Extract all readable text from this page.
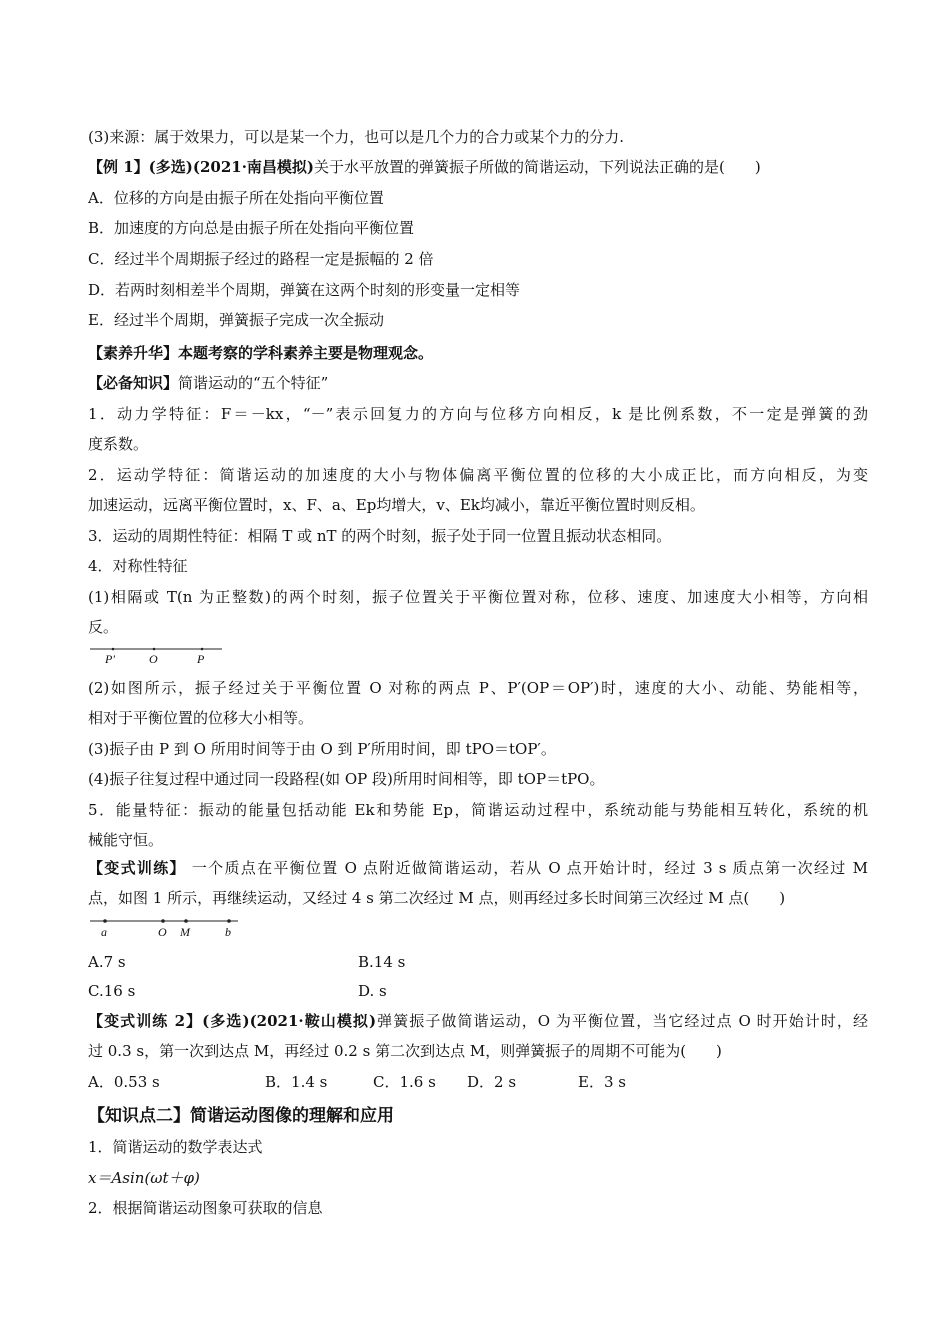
(3)来源：属于效果力，可以是某一个力，也可以是几个力的合力或某个力的分力.
【例 1】(多选)(2021·南昌模拟)关于水平放置的弹簧振子所做的简谐运动，下列说法正确的是(　　)
A．位移的方向是由振子所在处指向平衡位置
B．加速度的方向总是由振子所在处指向平衡位置
C．经过半个周期振子经过的路程一定是振幅的 2 倍
D．若两时刻相差半个周期，弹簧在这两个时刻的形变量一定相等
E．经过半个周期，弹簧振子完成一次全振动
【素养升华】本题考察的学科素养主要是物理观念。
【必备知识】简谐运动的“五个特征”
1．动力学特征：F＝－kx，“－”表示回复力的方向与位移方向相反，k 是比例系数，不一定是弹簧的劲
度系数。
2．运动学特征：简谐运动的加速度的大小与物体偏离平衡位置的位移的大小成正比，而方向相反，为变
加速运动，远离平衡位置时，x、F、a、Ep均增大，v、Ek均减小，靠近平衡位置时则反相。
3．运动的周期性特征：相隔 T 或 nT 的两个时刻，振子处于同一位置且振动状态相同。
4．对称性特征
(1)相隔或 T(n 为正整数)的两个时刻，振子位置关于平衡位置对称，位移、速度、加速度大小相等，方向相
反。
P′	O	P
(2)如图所示，振子经过关于平衡位置 O 对称的两点 P、P′(OP＝OP′)时，速度的大小、动能、势能相等，
相对于平衡位置的位移大小相等。
(3)振子由 P 到 O 所用时间等于由 O 到 P′所用时间，即 tPO＝tOP′。
(4)振子往复过程中通过同一段路程(如 OP 段)所用时间相等，即 tOP＝tPO。
5．能量特征：振动的能量包括动能 Ek和势能 Ep，简谐运动过程中，系统动能与势能相互转化，系统的机
械能守恒。
【变式训练】 一个质点在平衡位置 O 点附近做简谐运动，若从 O 点开始计时，经过 3 s 质点第一次经过 M
点，如图 1 所示，再继续运动，又经过 4 s 第二次经过 M 点，则再经过多长时间第三次经过 M 点(　　)
a	O M	b
A.7 s	B.14 s
C.16 s	D. s
【变式训练 2】(多选)(2021·鞍山模拟)弹簧振子做简谐运动，O 为平衡位置，当它经过点 O 时开始计时，经
过 0.3 s，第一次到达点 M，再经过 0.2 s 第二次到达点 M，则弹簧振子的周期不可能为(　　)
A．0.53 s	B．1.4 s	C．1.6 s D．2 s	E．3 s
【知识点二】简谐运动图像的理解和应用
1．简谐运动的数学表达式
x＝Asin(ωt＋φ)
2．根据简谐运动图象可获取的信息
